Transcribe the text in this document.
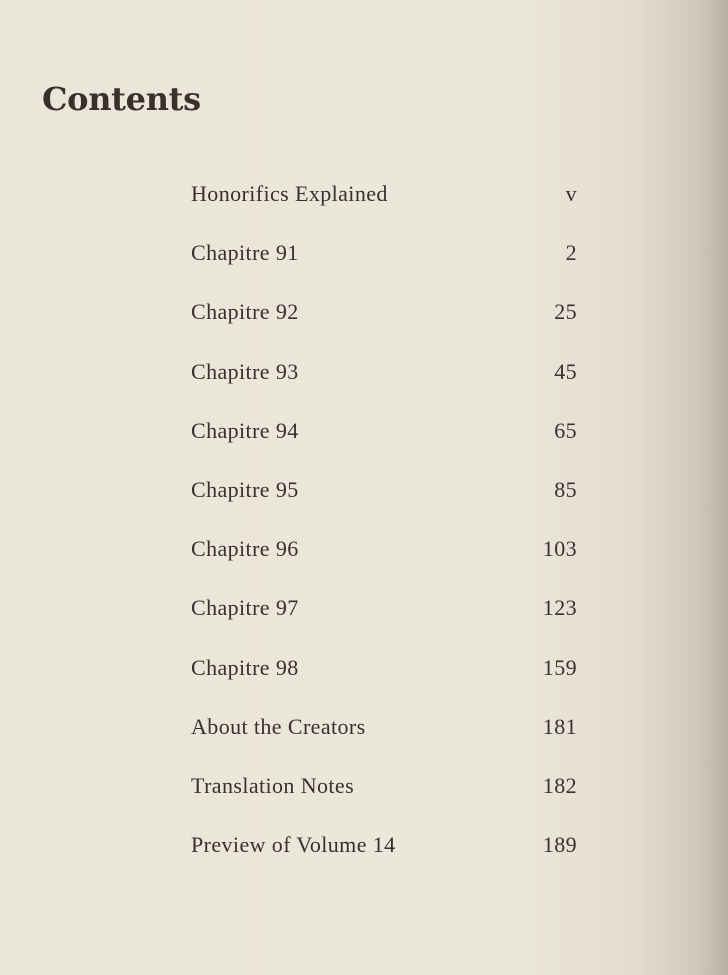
Contents
Honorifics Explained	v
Chapitre 91	2
Chapitre 92	25
Chapitre 93	45
Chapitre 94	65
Chapitre 95	85
Chapitre 96	103
Chapitre 97	123
Chapitre 98	159
About the Creators	181
Translation Notes	182
Preview of Volume 14	189
